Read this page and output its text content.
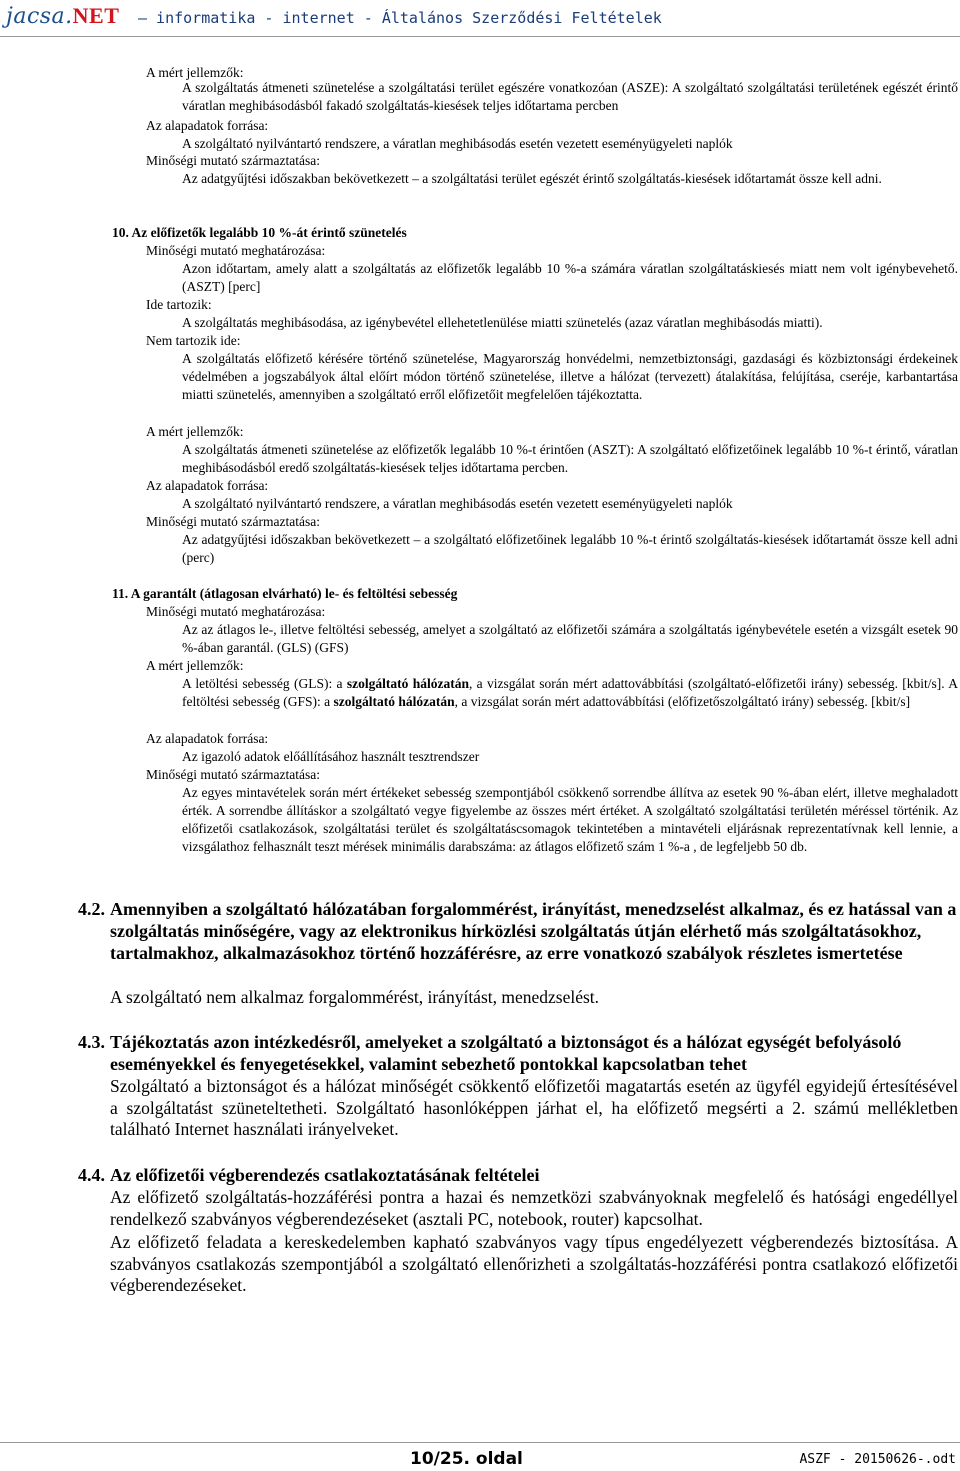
jacsa.NET – informatika - internet - Általános Szerződési Feltételek
A mért jellemzők:
A szolgáltatás átmeneti szünetelése a szolgáltatási terület egészére vonatkozóan (ASZE): A szolgáltató szolgáltatási területének egészét érintő váratlan meghibásodásból fakadó szolgáltatás-kiesések teljes időtartama percben
Az alapadatok forrása:
A szolgáltató nyilvántartó rendszere, a váratlan meghibásodás esetén vezetett eseményügyeleti naplók
Minőségi mutató származtatása:
Az adatgyűjtési időszakban bekövetkezett – a szolgáltatási terület egészét érintő szolgáltatás-kiesések időtartamát össze kell adni.
10. Az előfizetők legalább 10 %-át érintő szünetelés
Minőségi mutató meghatározása:
Azon időtartam, amely alatt a szolgáltatás az előfizetők legalább 10 %-a számára váratlan szolgáltatáskiesés miatt nem volt igénybevehető. (ASZT) [perc]
Ide tartozik:
A szolgáltatás meghibásodása, az igénybevétel ellehetetlenülése miatti szünetelés (azaz váratlan meghibásodás miatti).
Nem tartozik ide:
A szolgáltatás előfizető kérésére történő szünetelése, Magyarország honvédelmi, nemzetbiztonsági, gazdasági és közbiztonsági érdekeinek védelmében a jogszabályok által előírt módon történő szünetelése, illetve a hálózat (tervezett) átalakítása, felújítása, cseréje, karbantartása miatti szünetelés, amennyiben a szolgáltató erről előfizetőit megfelelően tájékoztatta.
A mért jellemzők:
A szolgáltatás átmeneti szünetelése az előfizetők legalább 10 %-t érintően (ASZT): A szolgáltató előfizetőinek legalább 10 %-t érintő, váratlan meghibásodásból eredő szolgáltatás-kiesések teljes időtartama percben.
Az alapadatok forrása:
A szolgáltató nyilvántartó rendszere, a váratlan meghibásodás esetén vezetett eseményügyeleti naplók
Minőségi mutató származtatása:
Az adatgyűjtési időszakban bekövetkezett – a szolgáltató előfizetőinek legalább 10 %-t érintő szolgáltatás-kiesések időtartamát össze kell adni (perc)
11. A garantált (átlagosan elvárható) le- és feltöltési sebesség
Minőségi mutató meghatározása:
Az az átlagos le-, illetve feltöltési sebesség, amelyet a szolgáltató az előfizetői számára a szolgáltatás igénybevétele esetén a vizsgált esetek 90 %-ában garantál. (GLS) (GFS)
A mért jellemzők:
A letöltési sebesség (GLS): a szolgáltató hálózatán, a vizsgálat során mért adattovábbítási (szolgáltató-előfizetői irány) sebesség. [kbit/s]. A feltöltési sebesség (GFS): a szolgáltató hálózatán, a vizsgálat során mért adattovábbítási (előfizetőszolgáltató irány) sebesség. [kbit/s]
Az alapadatok forrása:
Az igazoló adatok előállításához használt tesztrendszer
Minőségi mutató származtatása:
Az egyes mintavételek során mért értékeket sebesség szempontjából csökkenő sorrendbe állítva az esetek 90 %-ában elért, illetve meghaladott érték. A sorrendbe állításkor a szolgáltató vegye figyelembe az összes mért értéket. A szolgáltató szolgáltatási területén méréssel történik. Az előfizetői csatlakozások, szolgáltatási terület és szolgáltatáscsomagok tekintetében a mintavételi eljárásnak reprezentatívnak kell lennie, a vizsgálathoz felhasznált teszt mérések minimális darabszáma: az átlagos előfizető szám 1 %-a , de legfeljebb 50 db.
4.2. Amennyiben a szolgáltató hálózatában forgalommérést, irányítást, menedzselést alkalmaz, és ez hatással van a szolgáltatás minőségére, vagy az elektronikus hírközlési szolgáltatás útján elérhető más szolgáltatásokhoz, tartalmakhoz, alkalmazásokhoz történő hozzáférésre, az erre vonatkozó szabályok részletes ismertetése
A szolgáltató nem alkalmaz forgalommérést, irányítást, menedzselést.
4.3. Tájékoztatás azon intézkedésről, amelyeket a szolgáltató a biztonságot és a hálózat egységét befolyásoló eseményekkel és fenyegetésekkel, valamint sebezhető pontokkal kapcsolatban tehet
Szolgáltató a biztonságot és a hálózat minőségét csökkentő előfizetői magatartás esetén az ügyfél egyidejű értesítésével a szolgáltatást szüneteltetheti. Szolgáltató hasonlóképpen járhat el, ha előfizető megsérti a 2. számú mellékletben található Internet használati irányelveket.
4.4. Az előfizetői végberendezés csatlakoztatásának feltételei
Az előfizető szolgáltatás-hozzáférési pontra a hazai és nemzetközi szabványoknak megfelelő és hatósági engedéllyel rendelkező szabványos végberendezéseket (asztali PC, notebook, router) kapcsolhat.
Az előfizető feladata a kereskedelemben kapható szabványos vagy típus engedélyezett végberendezés biztosítása. A szabványos csatlakozás szempontjából a szolgáltató ellenőrizheti a szolgáltatás-hozzáférési pontra csatlakozó előfizetői végberendezéseket.
10/25. oldal	ASZF - 20150626-.odt
